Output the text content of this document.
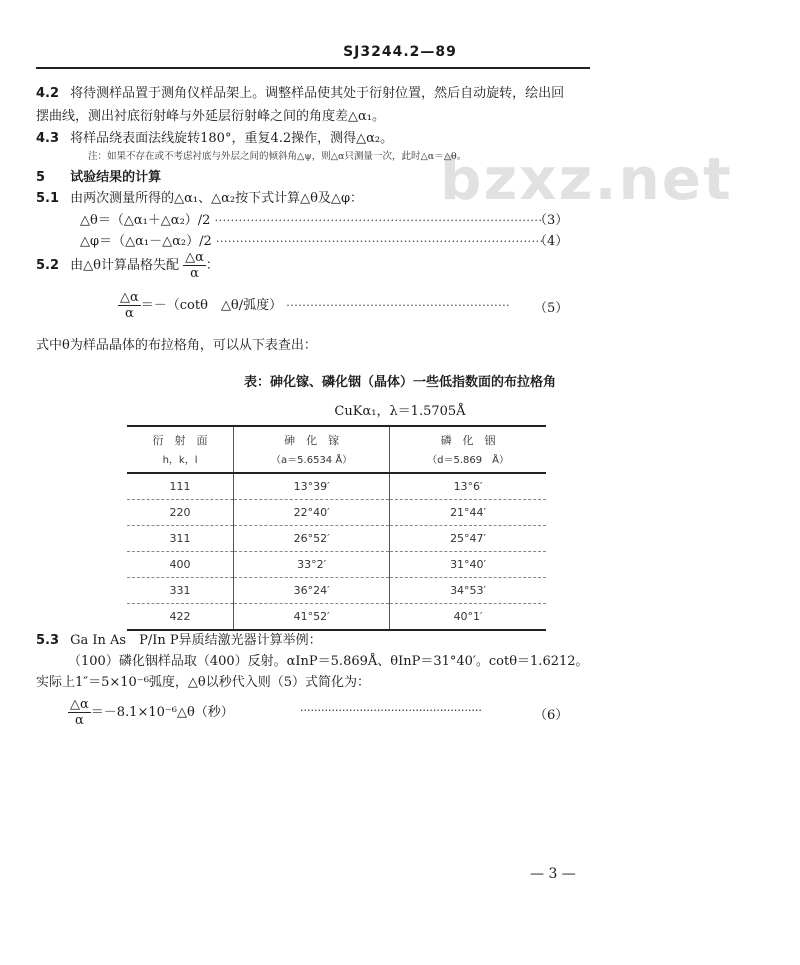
SJ3244.2—89
bzxz.net
4.2 将待测样品置于测角仪样品架上。调整样品使其处于衍射位置，然后自动旋转，绘出回
摆曲线，测出衬底衍射峰与外延层衍射峰之间的角度差△α₁。
4.3 将样品绕表面法线旋转180°，重复4.2操作，测得△α₂。
注：如果不存在或不考虑衬底与外层之间的倾斜角△ψ，则△α只测量一次，此时△α＝△θ。
5 试验结果的计算
5.1 由两次测量所得的△α₁、△α₂按下式计算△θ及△φ：
△θ＝（△α₁＋△α₂）/2 ··················································································
（3）
△φ＝（△α₁－△α₂）/2 ··················································································
（4）
5.2 由△θ计算晶格失配 $\frac{\triangle\alpha}{\alpha}$ ：
$\frac{\triangle\alpha}{\alpha} =-(\cot\theta$　△θ/弧度） ························································ （5）
式中θ为样品晶体的布拉格角，可以从下表查出：
表：砷化镓、磷化铟（晶体）一些低指数面的布拉格角
CuKα₁，λ＝1.5705Å
衍　射　面	砷　化　镓	磷　化　铟
h，k，l	（a＝5.6534 Å）	（d＝5.869　Å）
111	13°39′	13°6′
220	22°40′	21°44′
311	26°52′	25°47′
400	33°2′	31°40′
331	36°24′	34°53′
422	41°52′	40°1′
5.3 Ga In As　P/In P异质结激光器计算举例：
（100）磷化铟样品取（400）反射。αInP＝5.869Å、θInP＝31°40′。cotθ＝1.6212。
实际上1″＝5×10⁻⁶弧度，△θ以秒代入则（5）式简化为：
$\frac{\triangle\alpha}{\alpha}$ ＝－8.1×10⁻⁶△θ（秒）	····················································	（6）
— 3 —
